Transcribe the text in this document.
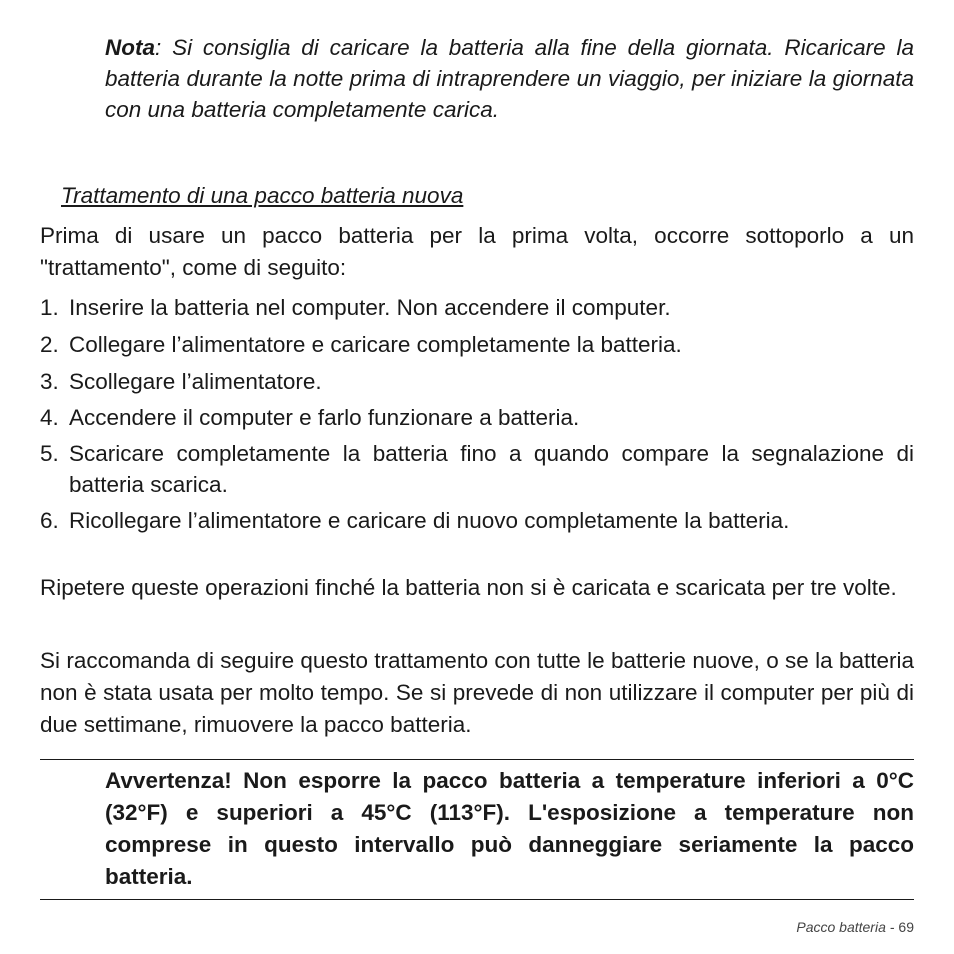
Nota: Si consiglia di caricare la batteria alla fine della giornata. Ricaricare la batteria durante la notte prima di intraprendere un viaggio, per iniziare la giornata con una batteria completamente carica.
Trattamento di una pacco batteria nuova
Prima di usare un pacco batteria per la prima volta, occorre sottoporlo a un "trattamento", come di seguito:
1. Inserire la batteria nel computer. Non accendere il computer.
2. Collegare l’alimentatore e caricare completamente la batteria.
3. Scollegare l’alimentatore.
4. Accendere il computer e farlo funzionare a batteria.
5. Scaricare completamente la batteria fino a quando compare la segnalazione di batteria scarica.
6. Ricollegare l’alimentatore e caricare di nuovo completamente la batteria.
Ripetere queste operazioni finché la batteria non si è caricata e scaricata per tre volte.
Si raccomanda di seguire questo trattamento con tutte le batterie nuove, o se la batteria non è stata usata per molto tempo. Se si prevede di non utilizzare il computer per più di due settimane, rimuovere la pacco batteria.
Avvertenza! Non esporre la pacco batteria a temperature inferiori a 0°C (32°F) e superiori a 45°C (113°F). L'esposizione a temperature non comprese in questo intervallo può danneggiare seriamente la pacco batteria.
Pacco batteria - 69
